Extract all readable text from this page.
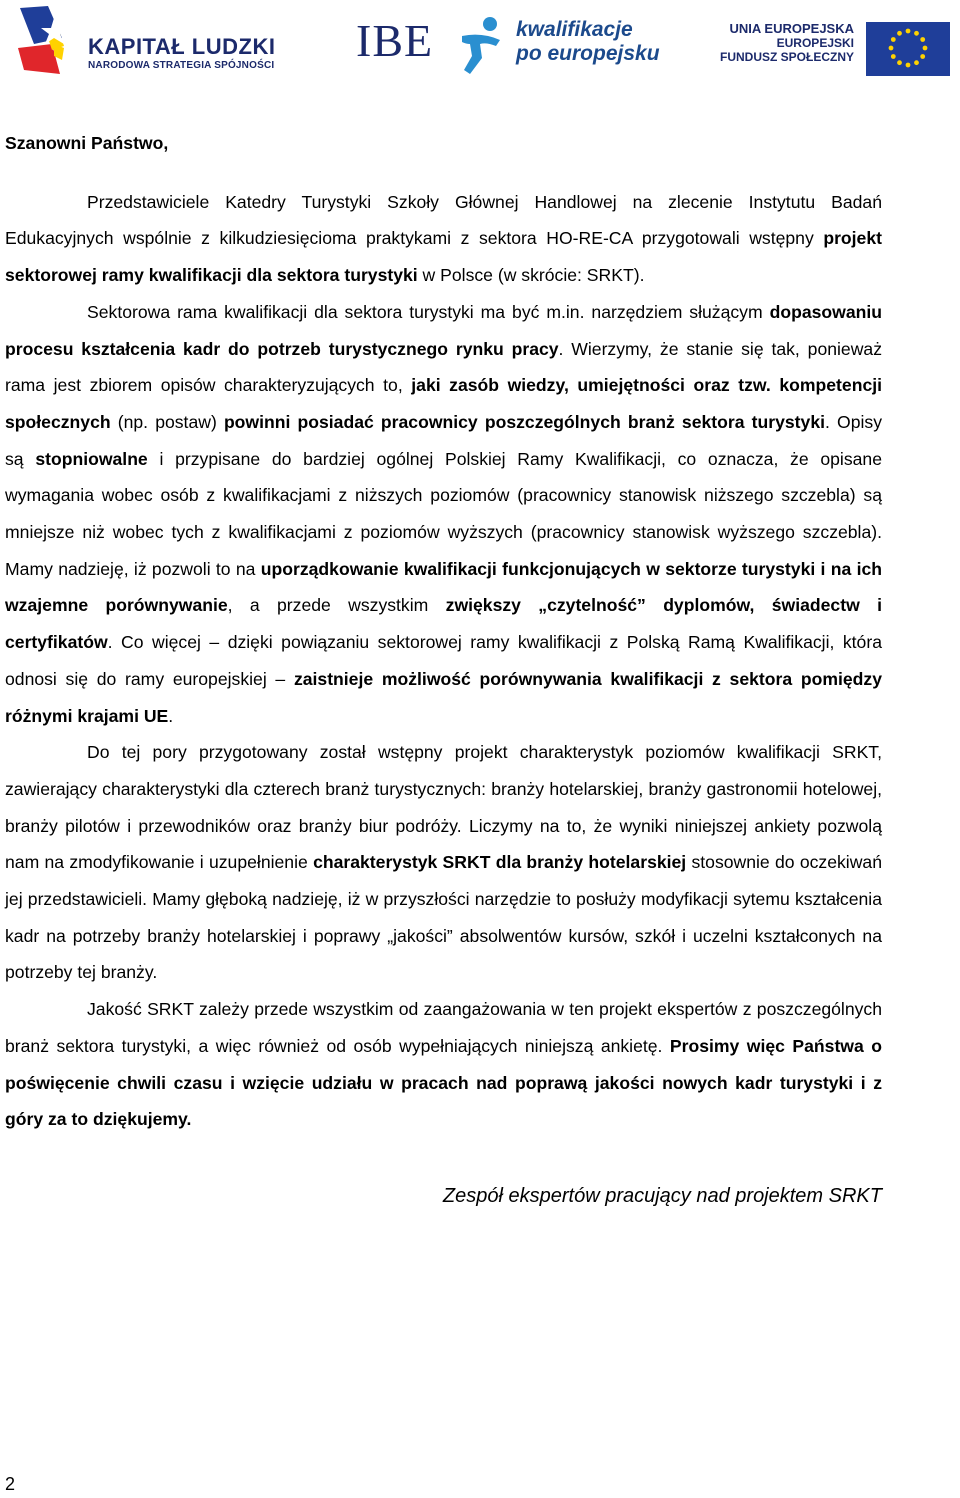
KAPITAŁ LUDZKI
NARODOWA STRATEGIA SPÓJNOŚCI IBE	kwalifikacje
po europejsku
UNIA EUROPEJSKA
EUROPEJSKI
FUNDUSZ SPOŁECZNY
Szanowni Państwo,

Przedstawiciele Katedry Turystyki Szkoły Głównej Handlowej na zlecenie Instytutu Badań Edukacyjnych wspólnie z kilkudziesięcioma praktykami z sektora HO-RE-CA przygotowali wstępny projekt sektorowej ramy kwalifikacji dla sektora turystyki w Polsce (w skrócie: SRKT).

Sektorowa rama kwalifikacji dla sektora turystyki ma być m.in. narzędziem służącym dopasowaniu procesu kształcenia kadr do potrzeb turystycznego rynku pracy. Wierzymy, że stanie się tak, ponieważ rama jest zbiorem opisów charakteryzujących to, jaki zasób wiedzy, umiejętności oraz tzw. kompetencji społecznych (np. postaw) powinni posiadać pracownicy poszczególnych branż sektora turystyki. Opisy są stopniowalne i przypisane do bardziej ogólnej Polskiej Ramy Kwalifikacji, co oznacza, że opisane wymagania wobec osób z kwalifikacjami z niższych poziomów (pracownicy stanowisk niższego szczebla) są mniejsze niż wobec tych z kwalifikacjami z poziomów wyższych (pracownicy stanowisk wyższego szczebla). Mamy nadzieję, iż pozwoli to na uporządkowanie kwalifikacji funkcjonujących w sektorze turystyki i na ich wzajemne porównywanie, a przede wszystkim zwiększy „czytelność” dyplomów, świadectw i certyfikatów. Co więcej – dzięki powiązaniu sektorowej ramy kwalifikacji z Polską Ramą Kwalifikacji, która odnosi się do ramy europejskiej – zaistnieje możliwość porównywania kwalifikacji z sektora pomiędzy różnymi krajami UE.

Do tej pory przygotowany został wstępny projekt charakterystyk poziomów kwalifikacji SRKT, zawierający charakterystyki dla czterech branż turystycznych: branży hotelarskiej, branży gastronomii hotelowej, branży pilotów i przewodników oraz branży biur podróży. Liczymy na to, że wyniki niniejszej ankiety pozwolą nam na zmodyfikowanie i uzupełnienie charakterystyk SRKT dla branży hotelarskiej stosownie do oczekiwań jej przedstawicieli. Mamy głęboką nadzieję, iż w przyszłości narzędzie to posłuży modyfikacji sytemu kształcenia kadr na potrzeby branży hotelarskiej i poprawy „jakości” absolwentów kursów, szkół i uczelni kształconych na potrzeby tej branży.

Jakość SRKT zależy przede wszystkim od zaangażowania w ten projekt ekspertów z poszczególnych branż sektora turystyki, a więc również od osób wypełniających niniejszą ankietę. Prosimy więc Państwa o poświęcenie chwili czasu i wzięcie udziału w pracach nad poprawą jakości nowych kadr turystyki i z góry za to dziękujemy.

Zespół ekspertów pracujący nad projektem SRKT
2
